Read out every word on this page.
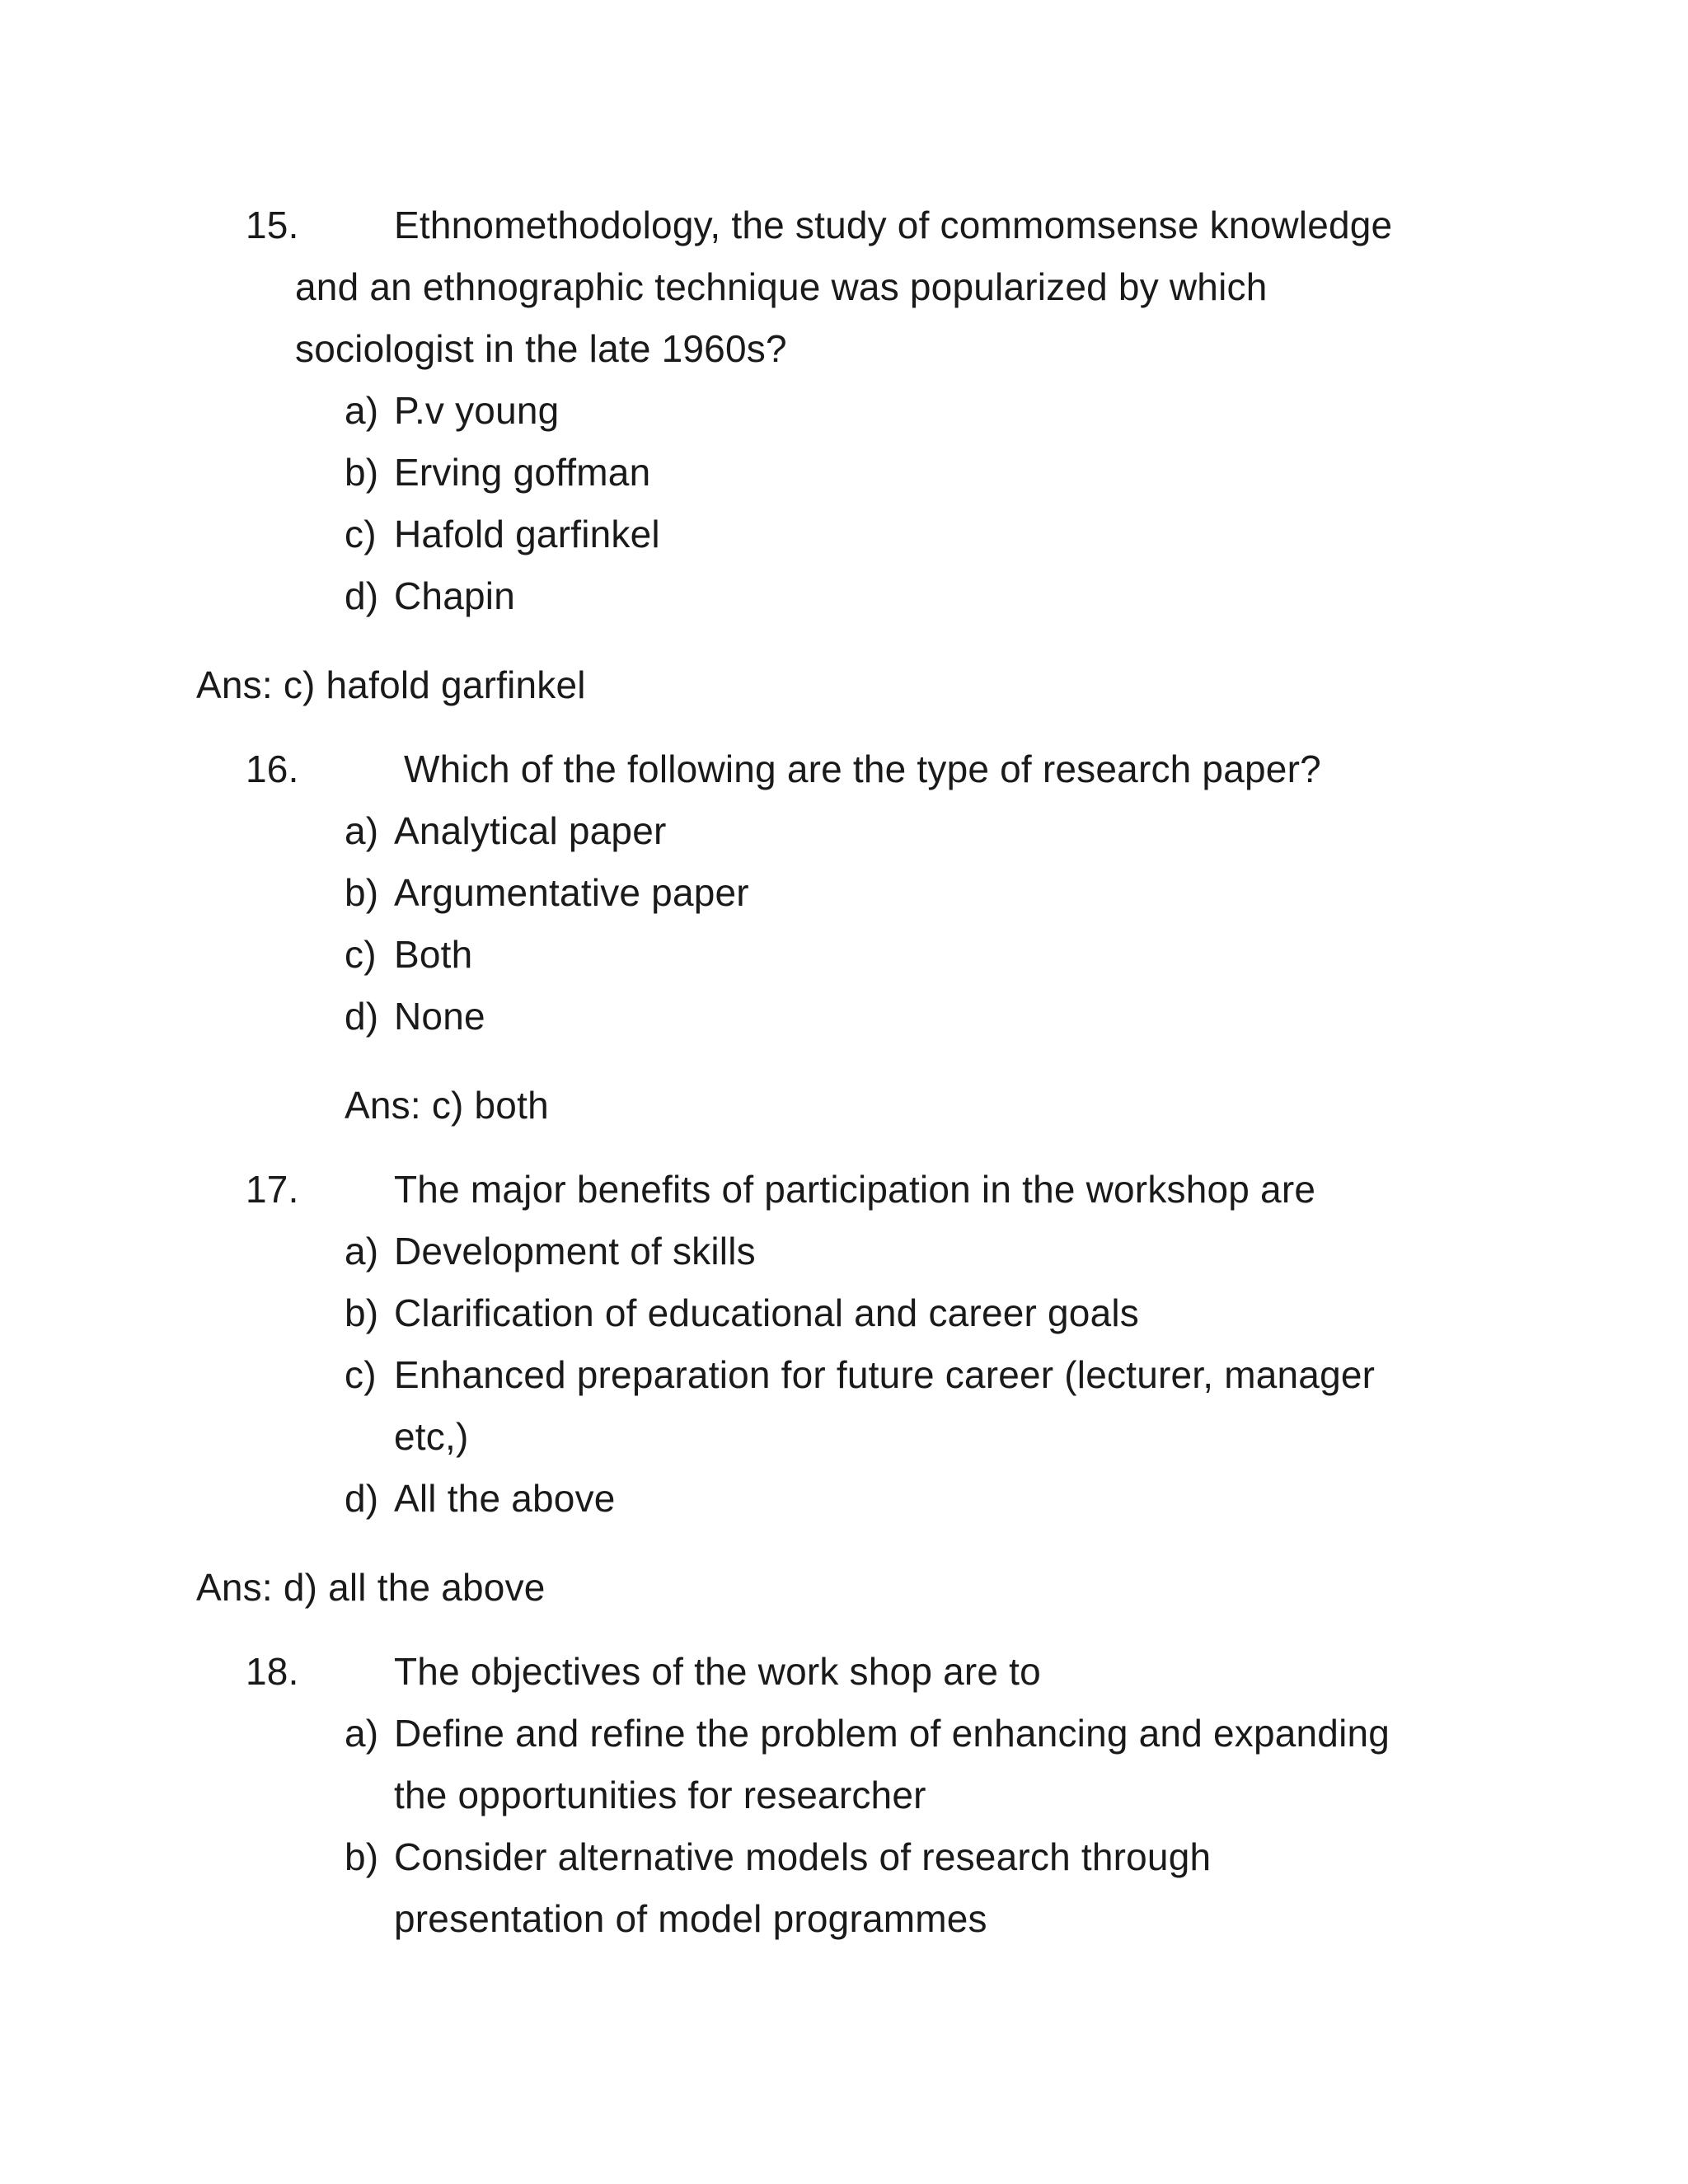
15.	Ethnomethodology, the study of commomsense knowledge
and an ethnographic technique was popularized by which
sociologist in the late 1960s?
a) P.v young
b) Erving goffman
c) Hafold garfinkel
d) Chapin
Ans: c) hafold garfinkel
16.	Which of the following are the type of research paper?
a) Analytical paper
b) Argumentative paper
c) Both
d) None
Ans: c) both
17.	The major benefits of participation in the workshop are
a) Development of skills
b) Clarification of educational and career goals
c) Enhanced preparation for future career (lecturer, manager
etc,)
d) All the above
Ans: d) all the above
18.	The objectives of the work shop are to
a) Define and refine the problem of enhancing and expanding
the opportunities for researcher
b) Consider alternative models of research through
presentation of model programmes
